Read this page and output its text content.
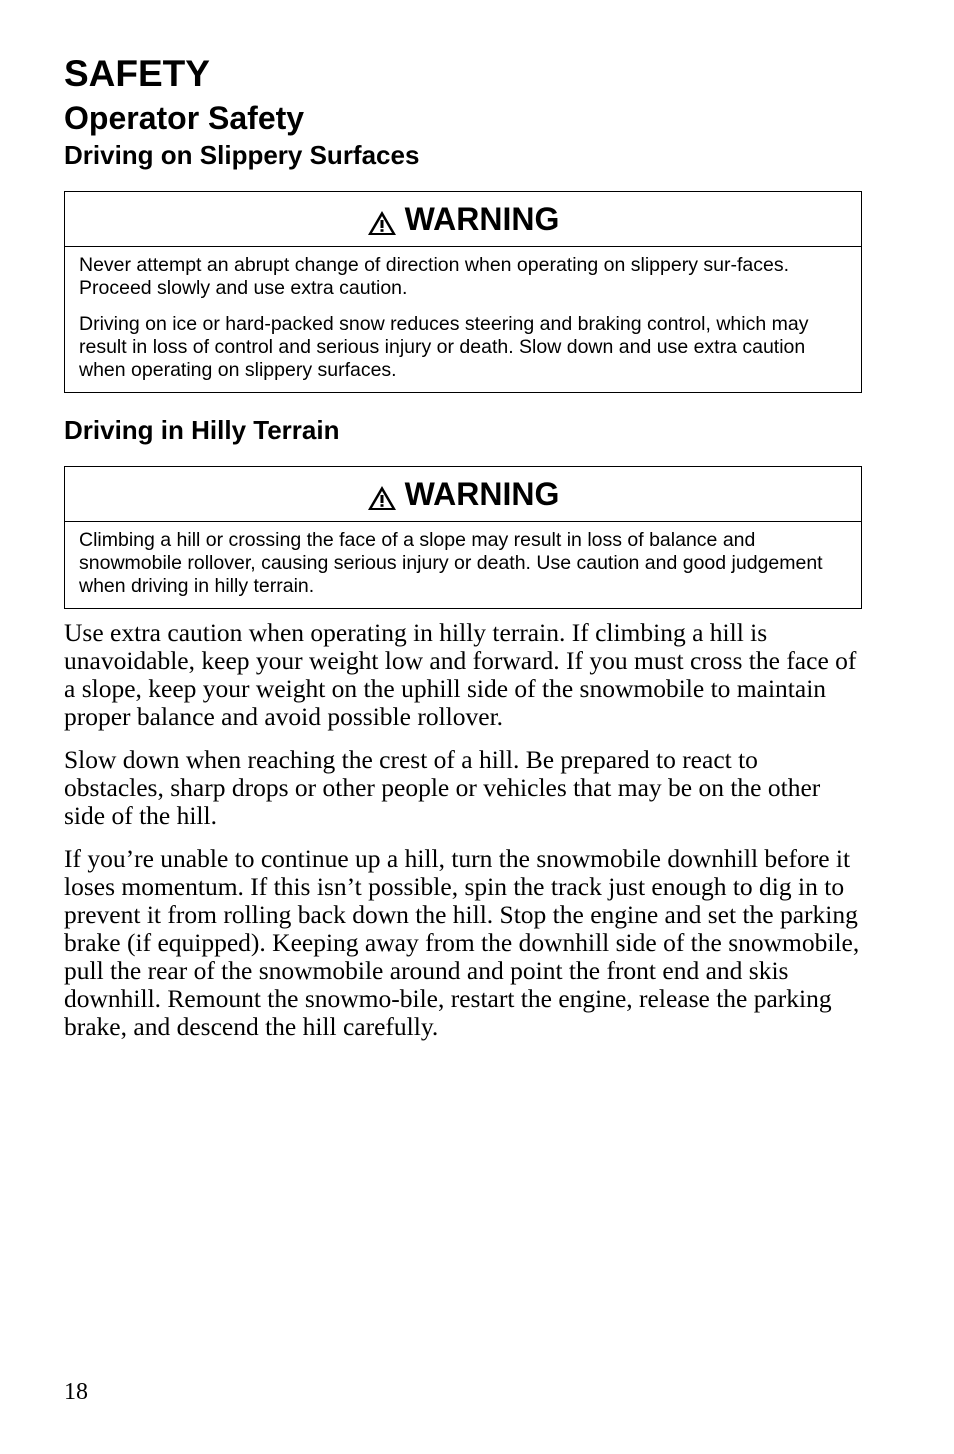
SAFETY
Operator Safety
Driving on Slippery Surfaces
WARNING

Never attempt an abrupt change of direction when operating on slippery sur-faces. Proceed slowly and use extra caution.

Driving on ice or hard-packed snow reduces steering and braking control, which may result in loss of control and serious injury or death. Slow down and use extra caution when operating on slippery surfaces.

Driving in Hilly Terrain
WARNING

Climbing a hill or crossing the face of a slope may result in loss of balance and snowmobile rollover, causing serious injury or death. Use caution and good judgement when driving in hilly terrain.

Use extra caution when operating in hilly terrain. If climbing a hill is unavoidable, keep your weight low and forward. If you must cross the face of a slope, keep your weight on the uphill side of the snowmobile to maintain proper balance and avoid possible rollover.

Slow down when reaching the crest of a hill. Be prepared to react to obstacles, sharp drops or other people or vehicles that may be on the other side of the hill.

If you’re unable to continue up a hill, turn the snowmobile downhill before it loses momentum. If this isn’t possible, spin the track just enough to dig in to prevent it from rolling back down the hill. Stop the engine and set the parking brake (if equipped). Keeping away from the downhill side of the snowmobile, pull the rear of the snowmobile around and point the front end and skis downhill. Remount the snowmo-bile, restart the engine, release the parking brake, and descend the hill carefully.

18
